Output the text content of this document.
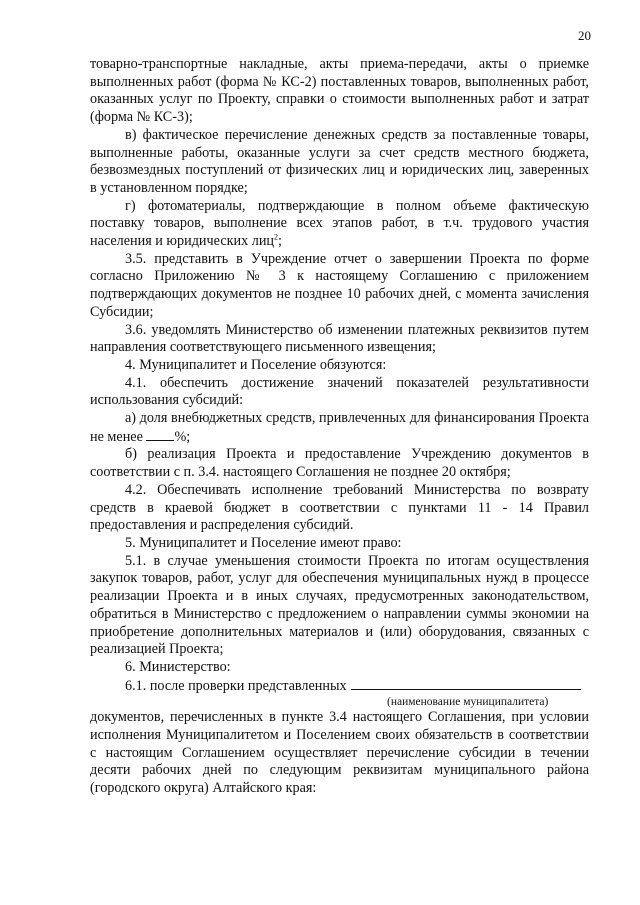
20

товарно-транспортные накладные, акты приема-передачи, акты о приемке выполненных работ (форма № КС-2) поставленных товаров, выполненных работ, оказанных услуг по Проекту, справки о стоимости выполненных работ и затрат (форма № КС-3);

в) фактическое перечисление денежных средств за поставленные товары, выполненные работы, оказанные услуги за счет средств местного бюджета, безвозмездных поступлений от физических лиц и юридических лиц, заверенных в установленном порядке;

г) фотоматериалы, подтверждающие в полном объеме фактическую поставку товаров, выполнение всех этапов работ, в т.ч. трудового участия населения и юридических лиц$^2$;

3.5. представить в Учреждение отчет о завершении Проекта по форме согласно Приложению № 3 к настоящему Соглашению с приложением подтверждающих документов не позднее 10 рабочих дней, с момента зачисления Субсидии;

3.6. уведомлять Министерство об изменении платежных реквизитов путем направления соответствующего письменного извещения;

4. Муниципалитет и Поселение обязуются:

4.1. обеспечить достижение значений показателей результативности использования субсидий:

а) доля внебюджетных средств, привлеченных для финансирования Проекта не менее %;

б) реализация Проекта и предоставление Учреждению документов в соответствии с п. 3.4. настоящего Соглашения не позднее 20 октября;

4.2. Обеспечивать исполнение требований Министерства по возврату средств в краевой бюджет в соответствии с пунктами 11 - 14 Правил предоставления и распределения субсидий.

5. Муниципалитет и Поселение имеют право:

5.1. в случае уменьшения стоимости Проекта по итогам осуществления закупок товаров, работ, услуг для обеспечения муниципальных нужд в процессе реализации Проекта и в иных случаях, предусмотренных законодательством, обратиться в Министерство с предложением о направлении суммы экономии на приобретение дополнительных материалов и (или) оборудования, связанных с реализацией Проекта;

6. Министерство:

6.1. после проверки представленных

(наименование муниципалитета)

документов, перечисленных в пункте 3.4 настоящего Соглашения, при условии исполнения Муниципалитетом и Поселением своих обязательств в соответствии с настоящим Соглашением осуществляет перечисление субсидии в течении десяти рабочих дней по следующим реквизитам муниципального района (городского округа) Алтайского края:
